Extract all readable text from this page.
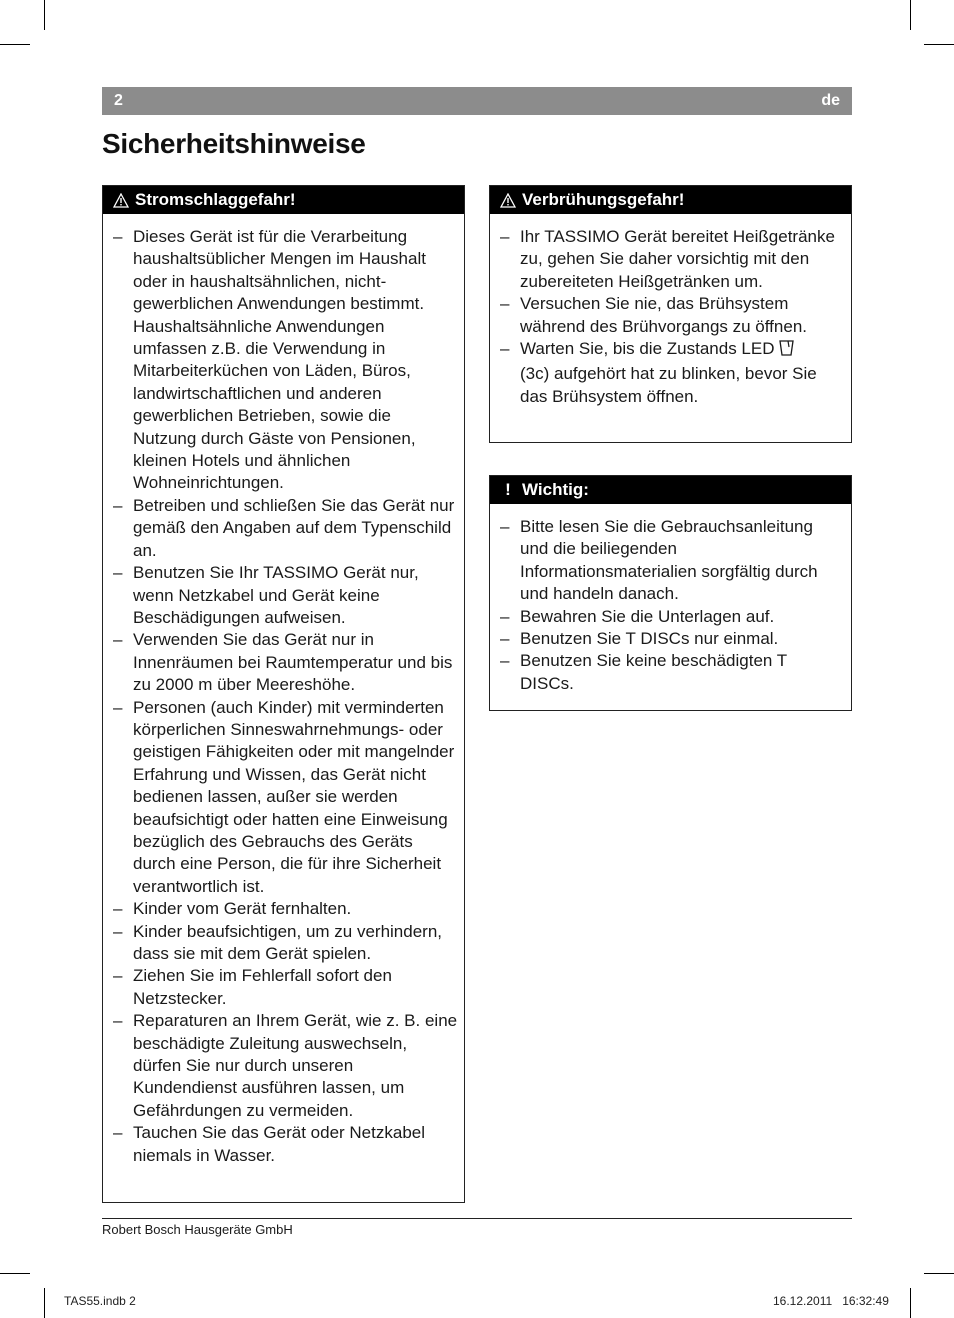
2	de
Sicherheitshinweise
Stromschlaggefahr!
– Dieses Gerät ist für die Verarbeitung haushaltsüblicher Mengen im Haushalt oder in haushaltsähnlichen, nicht-gewerblichen Anwendungen bestimmt. Haushaltsähnliche Anwendungen umfassen z.B. die Verwendung in Mitarbeiterküchen von Läden, Büros, landwirtschaftlichen und anderen gewerblichen Betrieben, sowie die Nutzung durch Gäste von Pensionen, kleinen Hotels und ähnlichen Wohneinrichtungen.
– Betreiben und schließen Sie das Gerät nur gemäß den Angaben auf dem Typenschild an.
– Benutzen Sie Ihr TASSIMO Gerät nur, wenn Netzkabel und Gerät keine Beschädigungen aufweisen.
– Verwenden Sie das Gerät nur in Innenräumen bei Raumtemperatur und bis zu 2000 m über Meereshöhe.
– Personen (auch Kinder) mit verminderten körperlichen Sinneswahrnehmungs- oder geistigen Fähigkeiten oder mit mangelnder Erfahrung und Wissen, das Gerät nicht bedienen lassen, außer sie werden beaufsichtigt oder hatten eine Einweisung bezüglich des Gebrauchs des Geräts durch eine Person, die für ihre Sicherheit verantwortlich ist.
– Kinder vom Gerät fernhalten.
– Kinder beaufsichtigen, um zu verhindern, dass sie mit dem Gerät spielen.
– Ziehen Sie im Fehlerfall sofort den Netzstecker.
– Reparaturen an Ihrem Gerät, wie z. B. eine beschädigte Zuleitung auswechseln, dürfen Sie nur durch unseren Kundendienst ausführen lassen, um Gefährdungen zu vermeiden.
– Tauchen Sie das Gerät oder Netzkabel niemals in Wasser.
Verbrühungsgefahr!
– Ihr TASSIMO Gerät bereitet Heißgetränke zu, gehen Sie daher vorsichtig mit den zubereiteten Heißgetränken um.
– Versuchen Sie nie, das Brühsystem während des Brühvorgangs zu öffnen.
– Warten Sie, bis die Zustands LED
(3c) aufgehört hat zu blinken, bevor Sie das Brühsystem öffnen.
! Wichtig:
– Bitte lesen Sie die Gebrauchsanleitung und die beiliegenden Informationsmaterialien sorgfältig durch und handeln danach.
– Bewahren Sie die Unterlagen auf.
– Benutzen Sie T DISCs nur einmal.
– Benutzen Sie keine beschädigten T DISCs.
Robert Bosch Hausgeräte GmbH
TAS55.indb 2	16.12.2011 16:32:49
